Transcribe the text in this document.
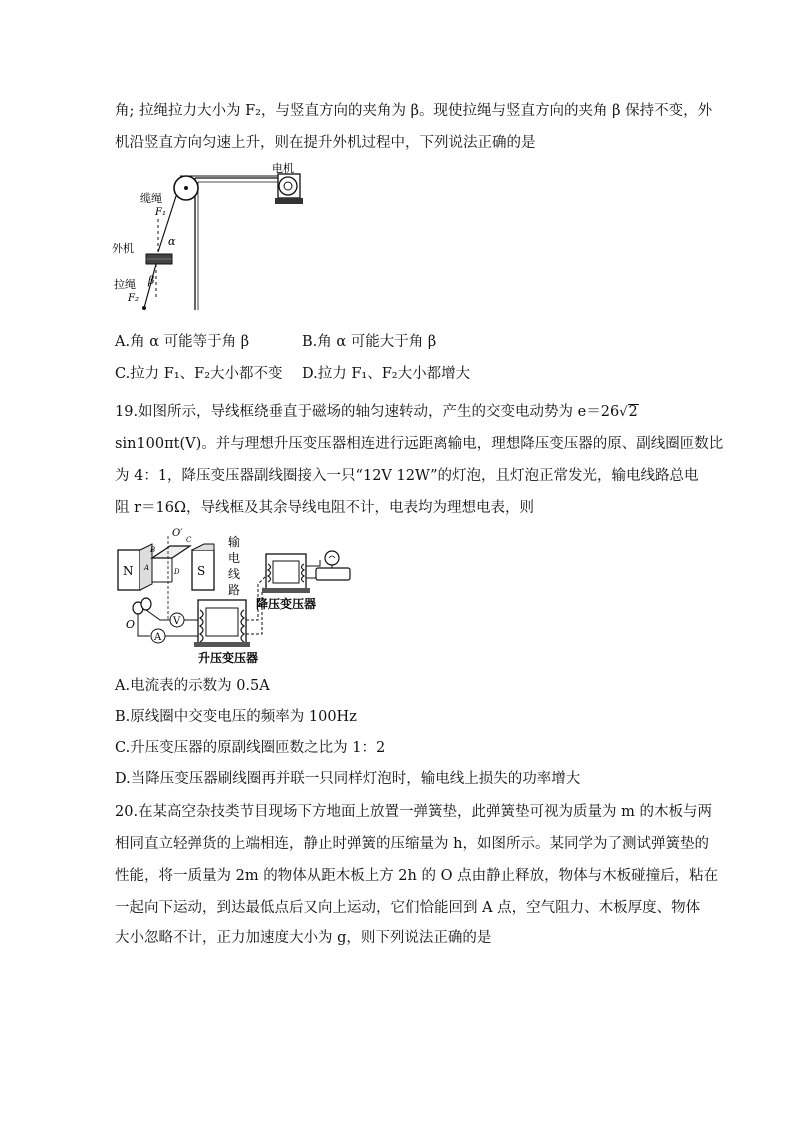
角; 拉绳拉力大小为 F₂，与竖直方向的夹角为 β。现使拉绳与竖直方向的夹角 β 保持不变，外
机沿竖直方向匀速上升，则在提升外机过程中，下列说法正确的是
电机
缆绳
F₁
α
外机
β
拉绳
F₂
A.角 α 可能等于角 β	B.角 α 可能大于角 β
C.拉力 F₁、F₂大小都不变 D.拉力 F₁、F₂大小都增大
19.如图所示，导线框绕垂直于磁场的轴匀速转动，产生的交变电动势为 e＝26√2
sin100πt(V)。并与理想升压变压器相连进行远距离输电，理想降压变压器的原、副线圈匝数比
为 4：1，降压变压器副线圈接入一只“12V 12W”的灯泡，且灯泡正常发光，输电线路总电
阻 r＝16Ω，导线框及其余导线电阻不计，电表均为理想电表，则
N	S
O′
B
C
A	D
O
A
V
升压变压器
输
电
线
路
降压变压器
A.电流表的示数为 0.5A
B.原线圈中交变电压的频率为 100Hz
C.升压变压器的原副线圈匝数之比为 1：2
D.当降压变压器刷线圈再并联一只同样灯泡时，输电线上损失的功率增大
20.在某高空杂技类节目现场下方地面上放置一弹簧垫，此弹簧垫可视为质量为 m 的木板与两
相同直立轻弹货的上端相连，静止时弹簧的压缩量为 h，如图所示。某同学为了测试弹簧垫的
性能，将一质量为 2m 的物体从距木板上方 2h 的 O 点由静止释放，物体与木板碰撞后，粘在
一起向下运动，到达最低点后又向上运动，它们恰能回到 A 点，空气阻力、木板厚度、物体
大小忽略不计，正力加速度大小为 g，则下列说法正确的是
